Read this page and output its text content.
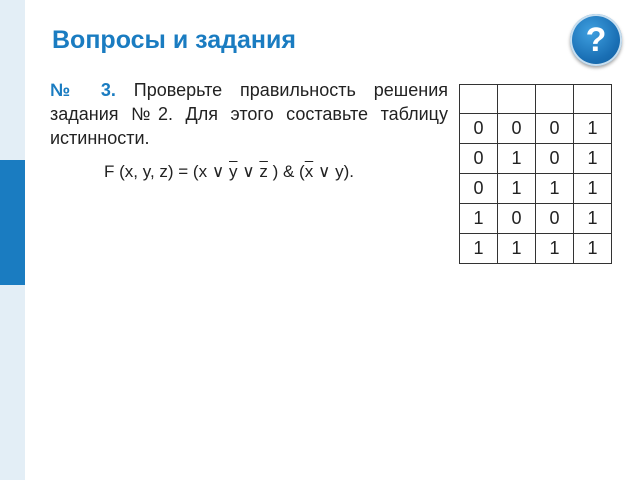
Вопросы и задания	?
№ 3. Проверьте правильность решения задания №2. Для этого составьте таблицу истинности.
F (x, y, z) = (x ∨ $\overline{y}$ ∨ $\overline{z}$ ) & ($\overline{x}$ ∨ y).

0	0	0	1
0	1	0	1
0	1	1	1
1	0	0	1
1	1	1	1
